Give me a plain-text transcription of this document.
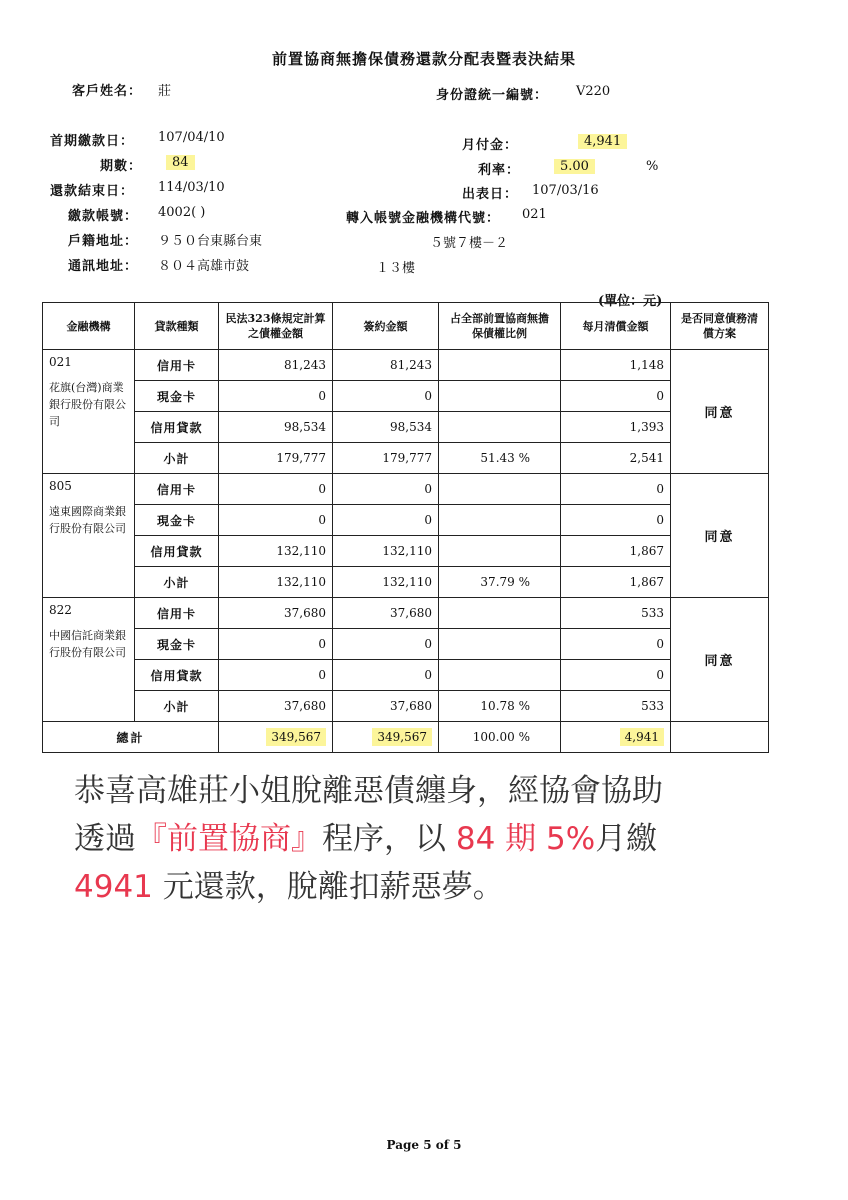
前置協商無擔保債務還款分配表暨表決結果
客戶姓名： 莊	身份證統一編號： V220
首期繳款日： 107/04/10
期數：	84
還款結束日： 114/03/10
繳款帳號： 4002( )
戶籍地址： ９５０台東縣台東
通訊地址： ８０４高雄市鼓
月付金：	4,941
利率：	5.00	%
出表日： 107/03/16
轉入帳號金融機構代號： 021
５號７樓－２
１３樓
(單位：元)
金融機構	貸款種類	民法323條規定計算之債權金額	簽約金額	占全部前置協商無擔保債權比例	每月清償金額	是否同意債務清償方案

021
花旗(台灣)商業銀行股份有限公司	信用卡	81,243	81,243		1,148	同意
	現金卡	0	0		0	
	信用貸款	98,534	98,534		1,393	
	小計	179,777	179,777	51.43 %	2,541	

805
遠東國際商業銀行股份有限公司	信用卡	0	0		0	同意
	現金卡	0	0		0	
	信用貸款	132,110	132,110		1,867	
	小計	132,110	132,110	37.79 %	1,867	

822
中國信託商業銀行股份有限公司	信用卡	37,680	37,680		533	同意
	現金卡	0	0		0	
	信用貸款	0	0		0	
	小計	37,680	37,680	10.78 %	533	
總計		349,567	349,567	100.00 %	4,941	
恭喜高雄莊小姐脫離惡債纏身，經協會協助
透過『前置協商』程序，以 84 期 5%月繳
4941 元還款，脫離扣薪惡夢。
Page 5 of 5
